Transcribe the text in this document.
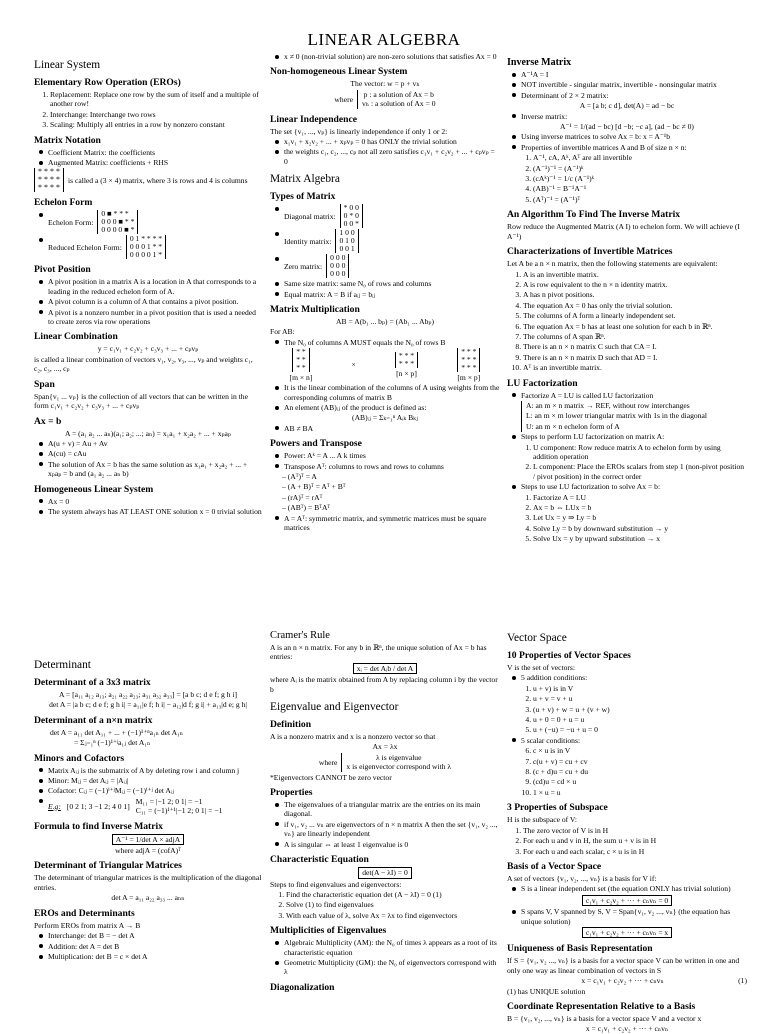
LINEAR ALGEBRA
Linear System
Elementary Row Operation (EROs)
1. Replacement: Replace one row by the sum of itself and a multiple of another row!
2. Interchange: Interchange two rows
3. Scaling: Multiply all entries in a row by nonzero constant
Matrix Notation
Coefficient Matrix: the coefficients
Augmented Matrix: coefficients + RHS
* * * *
* * * *
* * * *
is called a (3 × 4) matrix, where 3 is rows and 4 is columns
Echelon Form
Echelon Form:
0 ■ * * *
0 0 0 ■ * *
0 0 0 0 ■ *
Reduced Echelon Form:
0 1 * * * *
0 0 0 1 * *
0 0 0 0 1 *
Pivot Position
A pivot position in a matrix A is a location in A that corresponds to a leading in the reduced echelon form of A.
A pivot column is a column of A that contains a pivot position.
A pivot is a nonzero number in a pivot position that is used a needed to create zeros via row operations
Linear Combination
y = c₁v₁ + c₂v₂ + c₃v₃ + ... + cₚvₚ
is called a linear combination of vectors v₁, v₂, v₃, ..., vₚ and weights c₁, c₂, c₃, ..., cₚ
Span
Span{v₁ ... vₚ} is the collection of all vectors that can be written in the form c₁v₁ + c₂v₂ + c₃v₃ + ... + cₚvₚ
Ax = b
A = (a₁ a₂ ... aₙ)(a₁; a₂; ...; aₙ) = x₁a₁ + x₂a₂ + ... + xₚaₚ
A(u + v) = Au + Av
A(cu) = cAu
The solution of Ax = b has the same solution as x₁a₁ + x₂a₂ + ... + xₚaₚ = b and (a₁ a₂ ... aₙ b)
Homogeneous Linear System
Ax = 0
The system always has AT LEAST ONE solution x = 0 trivial solution
x ≠ 0 (non-trivial solution) are non-zero solutions that satisfies Ax = 0
Non-homogeneous Linear System
The vector: w = p + vₕ
where
p : a solution of Ax = b
vₕ : a solution of Ax = 0
Linear Independence
The set {v₁, ..., vₚ} is linearly independence if only 1 or 2:
x₁v₁ + x₂v₂ + ... + xₚvₚ = 0 has ONLY the trivial solution
the weights c₁, c₂, ..., cₚ not all zero satisfies c₁v₁ + c₂v₂ + ... + cₚvₚ = 0
Matrix Algebra
Types of Matrix
Diagonal matrix:
* 0 0
0 * 0
0 0 *
Identity matrix:
1 0 0
0 1 0
0 0 1
Zero matrix:
0 0 0
0 0 0
0 0 0
Same size matrix: same N₀ of rows and columns
Equal matrix: A = B if aᵢⱼ = bᵢⱼ
Matrix Multiplication
AB = A(b₁ ... bₚ) = (Ab₁ ... Abₚ)
For AB:
The N₀ of columns A MUST equals the N₀ of rows B
* *
* *
* *
[m × n]
×
* * *
* * *
[n × p]
* * *
* * *
* * *
[m × p]
It is the linear combination of the columns of A using weights from the corresponding columns of matrix B
An element (AB)ᵢⱼ of the product is defined as:
(AB)ᵢⱼ = Σₖ₌₁ⁿ Aᵢₖ Bₖⱼ
AB ≠ BA
Powers and Transpose
Power: Aᵏ = A ... A k times
Transpose Aᵀ: columns to rows and rows to columns
– (Aᵀ)ᵀ = A
– (A + B)ᵀ = Aᵀ + Bᵀ
– (rA)ᵀ = rAᵀ
– (ABᵀ) = BᵀAᵀ
A = Aᵀ: symmetric matrix, and symmetric matrices must be square matrices
Inverse Matrix
A⁻¹A = I
NOT invertible - singular matrix, invertible - nonsingular matrix
Determinant of 2 × 2 matrix:
A = [a b; c d], det(A) = ad − bc
Inverse matrix:
A⁻¹ = 1/(ad − bc) [d −b; −c a], (ad − bc ≠ 0)
Using inverse matrices to solve Ax = b: x = A⁻¹b
Properties of invertible matrices A and B of size n × n:
1. A⁻¹, cA, Aᵏ, Aᵀ are all invertible
2. (A⁻¹)⁻¹ = (A⁻¹)ᵏ
3. (cAᵏ)⁻¹ = 1/c (A⁻¹)ᵏ
4. (AB)⁻¹ = B⁻¹A⁻¹
5. (Aᵀ)⁻¹ = (A⁻¹)ᵀ
An Algorithm To Find The Inverse Matrix
Row reduce the Augmented Matrix (A I) to echelon form. We will achieve (I A⁻¹)
Characterizations of Invertible Matrices
Let A be a n × n matrix, then the following statements are equivalent:
1. A is an invertible matrix.
2. A is row equivalent to the n × n identity matrix.
3. A has n pivot positions.
4. The equation Ax = 0 has only the trivial solution.
5. The columns of A form a linearly independent set.
6. The equation Ax = b has at least one solution for each b in ℝⁿ.
7. The columns of A span ℝⁿ.
8. There is an n × n matrix C such that CA = I.
9. There is an n × n matrix D such that AD = I.
10. Aᵀ is an invertible matrix.
LU Factorization
Factorize A = LU is called LU factorization
A: an m × n matrix → REF, without row interchanges
L: an m × m lower triangular matrix with 1s in the diagonal
U: an m × n echelon form of A
Steps to perform LU factorization on matrix A:
1. U component: Row reduce matrix A to echelon form by using addition operation
2. L component: Place the EROs scalars from step 1 (non-pivot position / pivot position) in the correct order
Steps to use LU factorization to solve Ax = b:
1. Factorize A = LU
2. Ax = b ⇔ LUx = b
3. Let Ux = y ⇒ Ly = b
4. Solve Ly = b by downward substitution → y
5. Solve Ux = y by upward substitution → x
Determinant
Determinant of a 3x3 matrix
A = [a₁₁ a₁₂ a₁₃; a₂₁ a₂₂ a₂₃; a₃₁ a₃₂ a₃₃] = [a b c; d e f; g h i]
det A = |a b c; d e f; g h i| = a₁₁|e f; h i| − a₁₂|d f; g i| + a₁₃|d e; g h|
Determinant of a n×n matrix
det A = a₁₁ det A₁₁ + ... + (−1)¹⁺ⁿa₁ₙ det A₁ₙ
= Σⱼ₌₁ⁿ (−1)¹⁺ʲa₁ⱼ det A₁ₙ
Minors and Cofactors
Matrix Aᵢⱼ is the submatrix of A by deleting row i and column j
Minor: Mᵢⱼ = det Aᵢⱼ = |Aᵢⱼ|
Cofactor: Cᵢⱼ = (−1)ⁱ⁺ʲMᵢⱼ = (−1)ⁱ⁺ʲ det Aᵢⱼ
E.g: [0 2 1; 3 −1 2; 4 0 1]
M₁₁ = |−1 2; 0 1| = −1
C₁₁ = (−1)¹⁺¹|−1 2; 0 1| = −1
Formula to find Inverse Matrix
A⁻¹ = 1/det A × adjA
where adjA = (cofA)ᵀ
Determinant of Triangular Matrices
The determinant of triangular matrices is the multiplication of the diagonal entries.
det A = a₁₁ a₂₂ a₃₃ ... aₙₙ
EROs and Determinants
Perform EROs from matrix A → B
Interchange: det B = − det A
Addition: det A = det B
Multiplication: det B = c × det A
Cramer's Rule
A is an n × n matrix. For any b in ℝⁿ, the unique solution of Ax = b has entries:
xᵢ = det Aᵢb / det A
where Aᵢ is the matrix obtained from A by replacing column i by the vector b
Eigenvalue and Eigenvector
Definition
A is a nonzero matrix and x is a nonzero vector so that
Ax = λx
where
λ is eigenvalue
x is eigenvector correspond with λ
*Eigenvectors CANNOT be zero vector
Properties
The eigenvalues of a triangular matrix are the entries on its main diagonal.
if v₁, v₂ ... vₙ are eigenvectors of n × n matrix A then the set {v₁, v₂ ..., vₙ} are linearly independent
A is singular ⇔ at least 1 eigenvalue is 0
Characteristic Equation
det(A − λI) = 0
Steps to find eigenvalues and eigenvectors:
1. Find the characteristic equation det (A − λI) = 0 (1)
2. Solve (1) to find eigenvalues
3. With each value of λ, solve Ax = λx to find eigenvectors
Multiplicities of Eigenvalues
Algebraic Multiplicity (AM): the N₀ of times λ appears as a root of its characteristic equation
Geometric Multiplicity (GM): the N₀ of eigenvectors correspond with λ
Diagonalization
Vector Space
10 Properties of Vector Spaces
V is the set of vectors:
5 addition conditions:
1. u + v) is in V
2. u + v = v + u
3. (u + v) + w = u + (v + w)
4. u + 0 = 0 + u = u
5. u + (−u) = −u + u = 0
5 scalar conditions:
6. c × u is in V
7. c(u + v) = cu + cv
8. (c + d)u = cu + du
9. (cd)u = cd × u
10. 1 × u = u
3 Properties of Subspace
H is the subspace of V:
1. The zero vector of V is in H
2. For each u and v in H, the sum u + v is in H
3. For each u and each scalar, c × u is in H
Basis of a Vector Space
A set of vectors {v₁, v₂, ..., vₙ} is a basis for V if:
S is a linear independent set (the equation ONLY has trivial solution)
c₁v₁ + c₂v₂ + ··· + cₙvₙ = 0
S spans V, V spanned by S, V = Span{v₁, v₂ ..., vₙ} (the equation has unique solution)
c₁v₁ + c₂v₂ + ··· + cₙvₙ = x
Uniqueness of Basis Representation
If S = {v₁, v₂ ..., vₙ} is a basis for a vector space V can be written in one and only one way as linear combination of vectors in S
x = c₁v₁ + c₂v₂ + ··· + cₙvₙ	(1)
(1) has UNIQUE solution
Coordinate Representation Relative to a Basis
B = {v₁, v₂, ..., vₙ} is a basis for a vector space V and a vector x
x = c₁v₁ + c₂v₂ + ··· + cₙvₙ
